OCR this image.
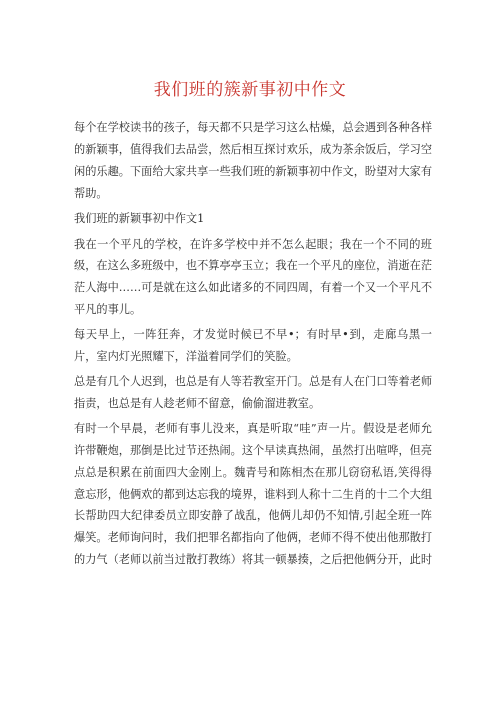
我们班的簇新事初中作文

每个在学校读书的孩子，每天都不只是学习这么枯燥，总会遇到各种各样的新颖事，值得我们去品尝，然后相互探讨欢乐，成为茶余饭后，学习空闲的乐趣。下面给大家共享一些我们班的新颖事初中作文，盼望对大家有帮助。

我们班的新颖事初中作文1

我在一个平凡的学校，在许多学校中并不怎么起眼；我在一个不同的班级，在这么多班级中，也不算亭亭玉立；我在一个平凡的座位，消逝在茫茫人海中……可是就在这么如此诸多的不同四周，有着一个又一个平凡不平凡的事儿。

每天早上，一阵狂奔，才发觉时候已不早•；有时早•到，走廊乌黑一片，室内灯光照耀下，洋溢着同学们的笑脸。

总是有几个人迟到，也总是有人等若教室开门。总是有人在门口等着老师指责，也总是有人趁老师不留意，偷偷溜进教室。

有时一个早晨，老师有事儿没来，真是听取“哇”声一片。假设是老师允许带鞭炮，那倒是比过节还热闹。这个早读真热闹，虽然打出喧哗，但亮点总是积累在前面四大金刚上。魏青号和陈相杰在那儿窃窃私语,笑得得意忘形，他俩欢的都到达忘我的境界，谁料到人称十二生肖的十二个大组长帮助四大纪律委员立即安静了战乱，他俩儿却仍不知情,引起全班一阵爆笑。老师询问时，我们把罪名都指向了他俩，老师不得不使出他那散打的力气（老师以前当过散打教练）将其一顿暴揍，之后把他俩分开，此时
